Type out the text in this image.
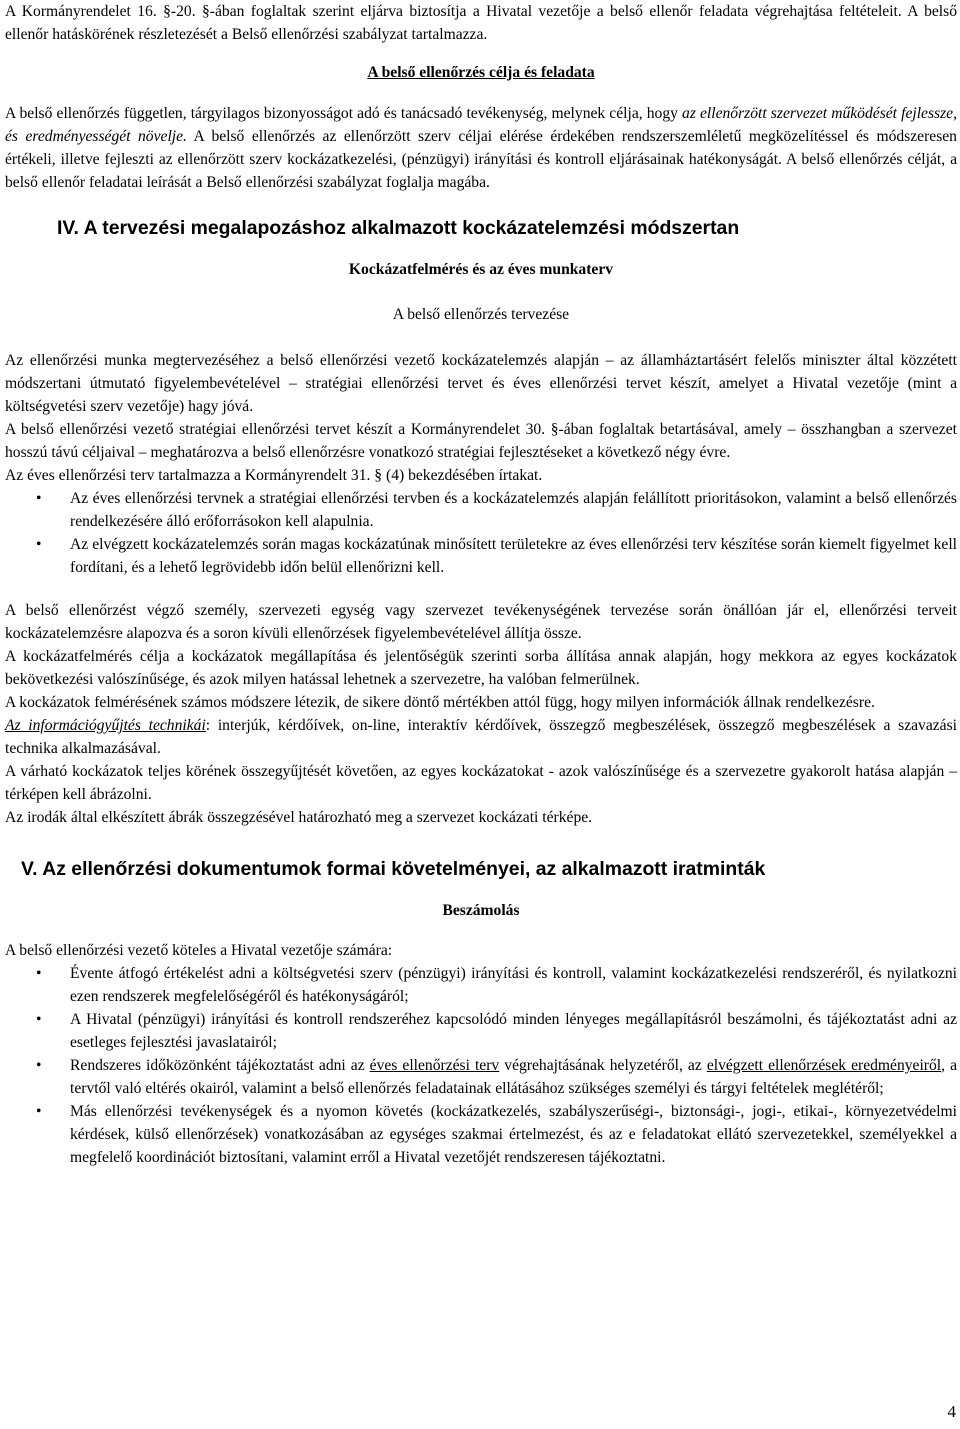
A Kormányrendelet 16. §-20. §-ában foglaltak szerint eljárva biztosítja a Hivatal vezetője a belső ellenőr feladata végrehajtása feltételeit. A belső ellenőr hatáskörének részletezését a Belső ellenőrzési szabályzat tartalmazza.

A belső ellenőrzés célja és feladata

A belső ellenőrzés független, tárgyilagos bizonyosságot adó és tanácsadó tevékenység, melynek célja, hogy az ellenőrzött szervezet működését fejlessze, és eredményességét növelje. A belső ellenőrzés az ellenőrzött szerv céljai elérése érdekében rendszerszemléletű megközelítéssel és módszeresen értékeli, illetve fejleszti az ellenőrzött szerv kockázatkezelési, (pénzügyi) irányítási és kontroll eljárásainak hatékonyságát. A belső ellenőrzés célját, a belső ellenőr feladatai leírását a Belső ellenőrzési szabályzat foglalja magába.

IV. A tervezési megalapozáshoz alkalmazott kockázatelemzési módszertan
Kockázatfelmérés és az éves munkaterv
A belső ellenőrzés tervezése

Az ellenőrzési munka megtervezéséhez a belső ellenőrzési vezető kockázatelemzés alapján – az államháztartásért felelős miniszter által közzétett módszertani útmutató figyelembevételével – stratégiai ellenőrzési tervet és éves ellenőrzési tervet készít, amelyet a Hivatal vezetője (mint a költségvetési szerv vezetője) hagy jóvá.

A belső ellenőrzési vezető stratégiai ellenőrzési tervet készít a Kormányrendelet 30. §-ában foglaltak betartásával, amely – összhangban a szervezet hosszú távú céljaival – meghatározva a belső ellenőrzésre vonatkozó stratégiai fejlesztéseket a következő négy évre.

Az éves ellenőrzési terv tartalmazza a Kormányrendelt 31. § (4) bekezdésében írtakat.

• Az éves ellenőrzési tervnek a stratégiai ellenőrzési tervben és a kockázatelemzés alapján felállított prioritásokon, valamint a belső ellenőrzés rendelkezésére álló erőforrásokon kell alapulnia.
• Az elvégzett kockázatelemzés során magas kockázatúnak minősített területekre az éves ellenőrzési terv készítése során kiemelt figyelmet kell fordítani, és a lehető legrövidebb időn belül ellenőrizni kell.

A belső ellenőrzést végző személy, szervezeti egység vagy szervezet tevékenységének tervezése során önállóan jár el, ellenőrzési terveit kockázatelemzésre alapozva és a soron kívüli ellenőrzések figyelembevételével állítja össze.

A kockázatfelmérés célja a kockázatok megállapítása és jelentőségük szerinti sorba állítása annak alapján, hogy mekkora az egyes kockázatok bekövetkezési valószínűsége, és azok milyen hatással lehetnek a szervezetre, ha valóban felmerülnek.

A kockázatok felmérésének számos módszere létezik, de sikere döntő mértékben attól függ, hogy milyen információk állnak rendelkezésre.

Az információgyűjtés technikái: interjúk, kérdőívek, on-line, interaktív kérdőívek, összegző megbeszélések, összegző megbeszélések a szavazási technika alkalmazásával.

A várható kockázatok teljes körének összegyűjtését követően, az egyes kockázatokat - azok valószínűsége és a szervezetre gyakorolt hatása alapján – térképen kell ábrázolni.

Az irodák által elkészített ábrák összegzésével határozható meg a szervezet kockázati térképe.

V. Az ellenőrzési dokumentumok formai követelményei, az alkalmazott iratminták
Beszámolás

A belső ellenőrzési vezető köteles a Hivatal vezetője számára:

• Évente átfogó értékelést adni a költségvetési szerv (pénzügyi) irányítási és kontroll, valamint kockázatkezelési rendszeréről, és nyilatkozni ezen rendszerek megfelelőségéről és hatékonyságáról;
• A Hivatal (pénzügyi) irányítási és kontroll rendszeréhez kapcsolódó minden lényeges megállapításról beszámolni, és tájékoztatást adni az esetleges fejlesztési javaslatairól;
• Rendszeres időközönként tájékoztatást adni az éves ellenőrzési terv végrehajtásának helyzetéről, az elvégzett ellenőrzések eredményeiről, a tervtől való eltérés okairól, valamint a belső ellenőrzés feladatainak ellátásához szükséges személyi és tárgyi feltételek meglétéről;
• Más ellenőrzési tevékenységek és a nyomon követés (kockázatkezelés, szabályszerűségi-, biztonsági-, jogi-, etikai-, környezetvédelmi kérdések, külső ellenőrzések) vonatkozásában az egységes szakmai értelmezést, és az e feladatokat ellátó szervezetekkel, személyekkel a megfelelő koordinációt biztosítani, valamint erről a Hivatal vezetőjét rendszeresen tájékoztatni.
4
